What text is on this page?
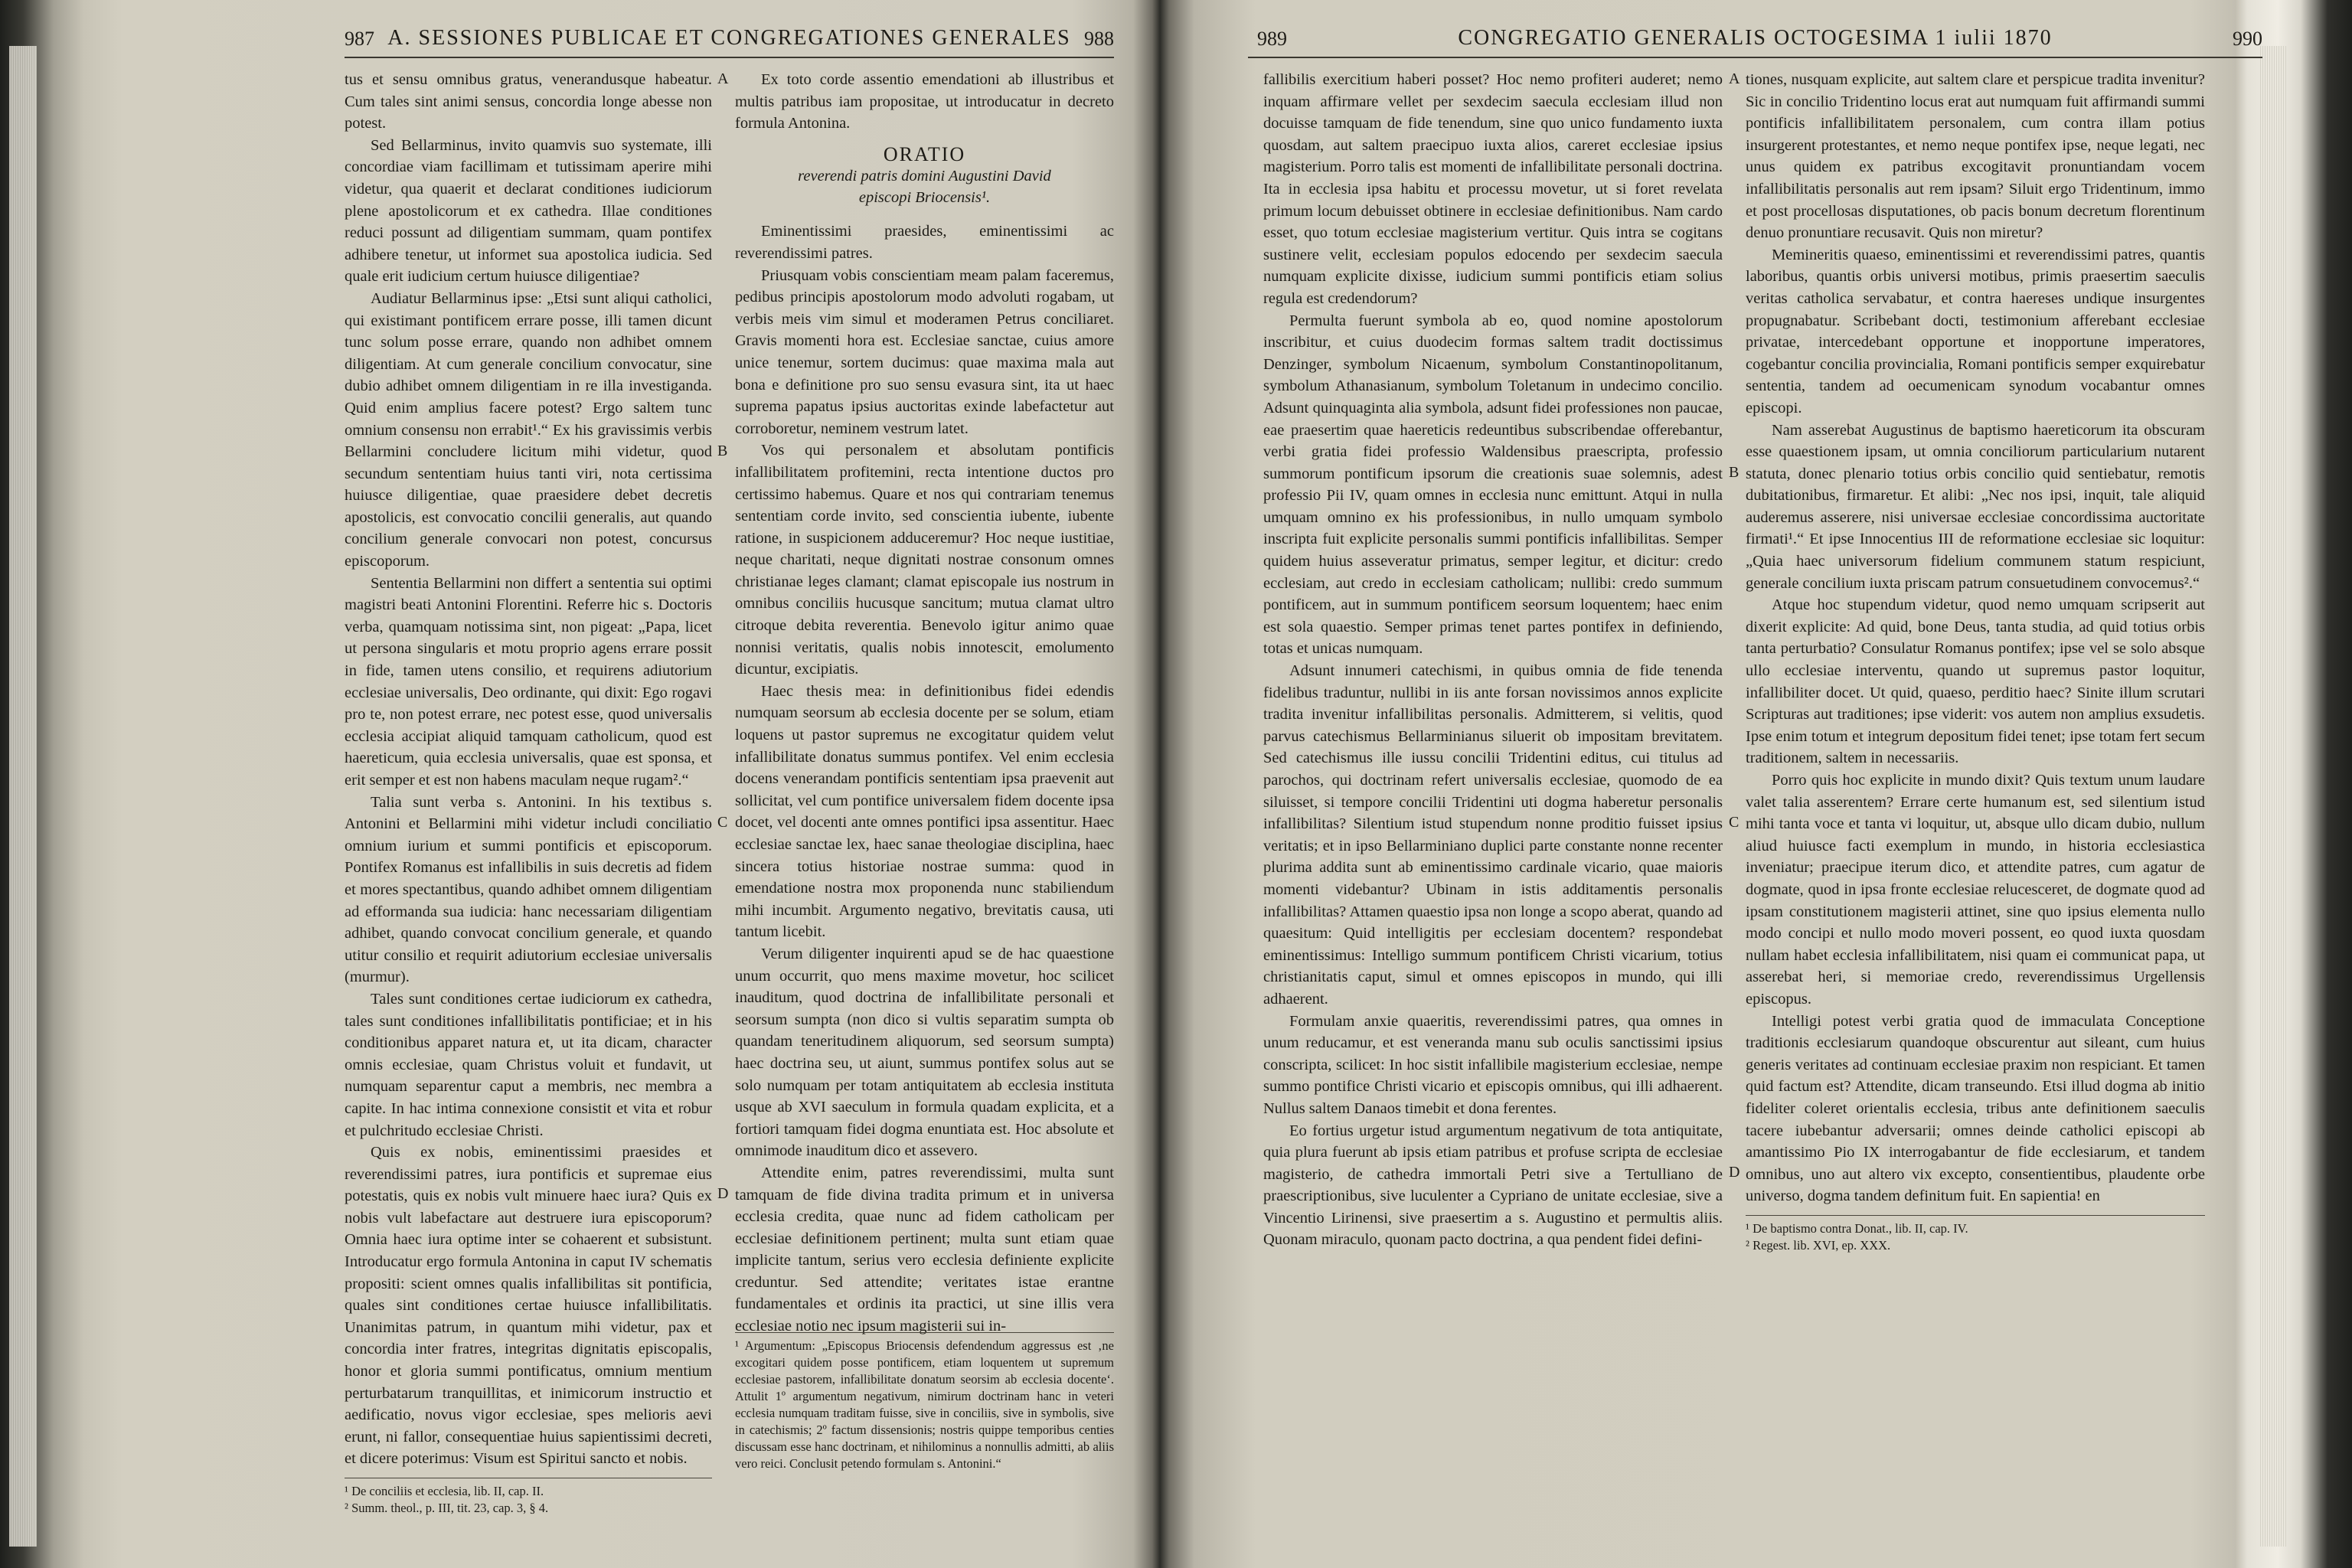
987 A. SESSIONES PUBLICAE ET CONGREGATIONES GENERALES 988

tus et sensu omnibus gratus, venerandusque habeatur. Cum tales sint animi sensus, concordia longe abesse non potest.

Sed Bellarminus, invito quamvis suo systemate, illi concordiae viam facillimam et tutissimam aperire mihi videtur, qua quaerit et declarat conditiones iudiciorum plene apostolicorum et ex cathedra. Illae conditiones reduci possunt ad diligentiam summam, quam pontifex adhibere tenetur, ut informet sua apostolica iudicia. Sed quale erit iudicium certum huiusce diligentiae?

Audiatur Bellarminus ipse: „Etsi sunt aliqui catholici, qui existimant pontificem errare posse, illi tamen dicunt tunc solum posse errare, quando non adhibet omnem diligentiam. At cum generale concilium convocatur, sine dubio adhibet omnem diligentiam in re illa investiganda. Quid enim amplius facere potest? Ergo saltem tunc omnium consensu non errabit¹.“ Ex his gravissimis verbis Bellarmini concludere licitum mihi videtur, quod secundum sententiam huius tanti viri, nota certissima huiusce diligentiae, quae praesidere debet decretis apostolicis, est convocatio concilii generalis, aut quando concilium generale convocari non potest, concursus episcoporum.

Sententia Bellarmini non differt a sententia sui optimi magistri beati Antonini Florentini. Referre hic s. Doctoris verba, quamquam notissima sint, non pigeat: „Papa, licet ut persona singularis et motu proprio agens errare possit in fide, tamen utens consilio, et requirens adiutorium ecclesiae universalis, Deo ordinante, qui dixit: Ego rogavi pro te, non potest errare, nec potest esse, quod universalis ecclesia accipiat aliquid tamquam catholicum, quod est haereticum, quia ecclesia universalis, quae est sponsa, et erit semper et est non habens maculam neque rugam².“

Talia sunt verba s. Antonini. In his textibus s. Antonini et Bellarmini mihi videtur includi conciliatio omnium iurium et summi pontificis et episcoporum. Pontifex Romanus est infallibilis in suis decretis ad fidem et mores spectantibus, quando adhibet omnem diligentiam ad efformanda sua iudicia: hanc necessariam diligentiam adhibet, quando convocat concilium generale, et quando utitur consilio et requirit adiutorium ecclesiae universalis (murmur).

Tales sunt conditiones certae iudiciorum ex cathedra, tales sunt conditiones infallibilitatis pontificiae; et in his conditionibus apparet natura et, ut ita dicam, character omnis ecclesiae, quam Christus voluit et fundavit, ut numquam separentur caput a membris, nec membra a capite. In hac intima connexione consistit et vita et robur et pulchritudo ecclesiae Christi.

Quis ex nobis, eminentissimi praesides et reverendissimi patres, iura pontificis et supremae eius potestatis, quis ex nobis vult minuere haec iura? Quis ex nobis vult labefactare aut destruere iura episcoporum? Omnia haec iura optime inter se cohaerent et subsistunt. Introducatur ergo formula Antonina in caput IV schematis propositi: scient omnes qualis infallibilitas sit pontificia, quales sint conditiones certae huiusce infallibilitatis. Unanimitas patrum, in quantum mihi videtur, pax et concordia inter fratres, integritas dignitatis episcopalis, honor et gloria summi pontificatus, omnium mentium perturbatarum tranquillitas, et inimicorum instructio et aedificatio, novus vigor ecclesiae, spes melioris aevi erunt, ni fallor, consequentiae huius sapientissimi decreti, et dicere poterimus: Visum est Spiritui sancto et nobis.

¹ De conciliis et ecclesia, lib. II, cap. II.
² Summ. theol., p. III, tit. 23, cap. 3, § 4.
A
B
C
D

Ex toto corde assentio emendationi ab illustribus et multis patribus iam propositae, ut introducatur in decreto formula Antonina.

ORATIO
reverendi patris domini Augustini David
episcopi Briocensis¹.

Eminentissimi praesides, eminentissimi ac reverendissimi patres.

Priusquam vobis conscientiam meam palam faceremus, pedibus principis apostolorum modo advoluti rogabam, ut verbis meis vim simul et moderamen Petrus conciliaret. Gravis momenti hora est. Ecclesiae sanctae, cuius amore unice tenemur, sortem ducimus: quae maxima mala aut bona e definitione pro suo sensu evasura sint, ita ut haec suprema papatus ipsius auctoritas exinde labefactetur aut corroboretur, neminem vestrum latet.

Vos qui personalem et absolutam pontificis infallibilitatem profitemini, recta intentione ductos pro certissimo habemus. Quare et nos qui contrariam tenemus sententiam corde invito, sed conscientia iubente, iubente ratione, in suspicionem adduceremur? Hoc neque iustitiae, neque charitati, neque dignitati nostrae consonum omnes christianae leges clamant; clamat episcopale ius nostrum in omnibus conciliis hucusque sancitum; mutua clamat ultro citroque debita reverentia. Benevolo igitur animo quae nonnisi veritatis, qualis nobis innotescit, emolumento dicuntur, excipiatis.

Haec thesis mea: in definitionibus fidei edendis numquam seorsum ab ecclesia docente per se solum, etiam loquens ut pastor supremus ne excogitatur quidem velut infallibilitate donatus summus pontifex. Vel enim ecclesia docens venerandam pontificis sententiam ipsa praevenit aut sollicitat, vel cum pontifice universalem fidem docente ipsa docet, vel docenti ante omnes pontifici ipsa assentitur. Haec ecclesiae sanctae lex, haec sanae theologiae disciplina, haec sincera totius historiae nostrae summa: quod in emendatione nostra mox proponenda nunc stabiliendum mihi incumbit. Argumento negativo, brevitatis causa, uti tantum licebit.

Verum diligenter inquirenti apud se de hac quaestione unum occurrit, quo mens maxime movetur, hoc scilicet inauditum, quod doctrina de infallibilitate personali et seorsum sumpta (non dico si vultis separatim sumpta ob quandam teneritudinem aliquorum, sed seorsum sumpta) haec doctrina seu, ut aiunt, summus pontifex solus aut se solo numquam per totam antiquitatem ab ecclesia instituta usque ab XVI saeculum in formula quadam explicita, et a fortiori tamquam fidei dogma enuntiata est. Hoc absolute et omnimode inauditum dico et assevero.

Attendite enim, patres reverendissimi, multa sunt tamquam de fide divina tradita primum et in universa ecclesia credita, quae nunc ad fidem catholicam per ecclesiae definitionem pertinent; multa sunt etiam quae implicite tantum, serius vero ecclesia definiente explicite creduntur. Sed attendite; veritates istae erantne fundamentales et ordinis ita practici, ut sine illis vera ecclesiae notio nec ipsum magisterii sui in-

¹ Argumentum: „Episcopus Briocensis defendendum aggressus est ‚ne excogitari quidem posse pontificem, etiam loquentem ut supremum ecclesiae pastorem, infallibilitate donatum seorsim ab ecclesia docente‘. Attulit 1º argumentum negativum, nimirum doctrinam hanc in veteri ecclesia numquam traditam fuisse, sive in conciliis, sive in symbolis, sive in catechismis; 2º factum dissensionis; nostris quippe temporibus centies discussam esse hanc doctrinam, et nihilominus a nonnullis admitti, ab aliis vero reici. Conclusit petendo formulam s. Antonini.“
989	CONGREGATIO GENERALIS OCTOGESIMA 1 iulii 1870	990

fallibilis exercitium haberi posset? Hoc nemo profiteri auderet; nemo inquam affirmare vellet per sexdecim saecula ecclesiam illud non docuisse tamquam de fide tenendum, sine quo unico fundamento iuxta quosdam, aut saltem praecipuo iuxta alios, careret ecclesiae ipsius magisterium. Porro talis est momenti de infallibilitate personali doctrina. Ita in ecclesia ipsa habitu et processu movetur, ut si foret revelata primum locum debuisset obtinere in ecclesiae definitionibus. Nam cardo esset, quo totum ecclesiae magisterium vertitur. Quis intra se cogitans sustinere velit, ecclesiam populos edocendo per sexdecim saecula numquam explicite dixisse, iudicium summi pontificis etiam solius regula est credendorum?

Permulta fuerunt symbola ab eo, quod nomine apostolorum inscribitur, et cuius duodecim formas saltem tradit doctissimus Denzinger, symbolum Nicaenum, symbolum Constantinopolitanum, symbolum Athanasianum, symbolum Toletanum in undecimo concilio. Adsunt quinquaginta alia symbola, adsunt fidei professiones non paucae, eae praesertim quae haereticis redeuntibus subscribendae offerebantur, verbi gratia fidei professio Waldensibus praescripta, professio summorum pontificum ipsorum die creationis suae solemnis, adest professio Pii IV, quam omnes in ecclesia nunc emittunt. Atqui in nulla umquam omnino ex his professionibus, in nullo umquam symbolo inscripta fuit explicite personalis summi pontificis infallibilitas. Semper quidem huius asseveratur primatus, semper legitur, et dicitur: credo ecclesiam, aut credo in ecclesiam catholicam; nullibi: credo summum pontificem, aut in summum pontificem seorsum loquentem; haec enim est sola quaestio. Semper primas tenet partes pontifex in definiendo, totas et unicas numquam.

Adsunt innumeri catechismi, in quibus omnia de fide tenenda fidelibus traduntur, nullibi in iis ante forsan novissimos annos explicite tradita invenitur infallibilitas personalis. Admitterem, si velitis, quod parvus catechismus Bellarminianus siluerit ob impositam brevitatem. Sed catechismus ille iussu concilii Tridentini editus, cui titulus ad parochos, qui doctrinam refert universalis ecclesiae, quomodo de ea siluisset, si tempore concilii Tridentini uti dogma haberetur personalis infallibilitas? Silentium istud stupendum nonne proditio fuisset ipsius veritatis; et in ipso Bellarminiano duplici parte constante nonne recenter plurima addita sunt ab eminentissimo cardinale vicario, quae maioris momenti videbantur? Ubinam in istis additamentis personalis infallibilitas? Attamen quaestio ipsa non longe a scopo aberat, quando ad quaesitum: Quid intelligitis per ecclesiam docentem? respondebat eminentissimus: Intelligo summum pontificem Christi vicarium, totius christianitatis caput, simul et omnes episcopos in mundo, qui illi adhaerent.

Formulam anxie quaeritis, reverendissimi patres, qua omnes in unum reducamur, et est veneranda manu sub oculis sanctissimi ipsius conscripta, scilicet: In hoc sistit infallibile magisterium ecclesiae, nempe summo pontifice Christi vicario et episcopis omnibus, qui illi adhaerent. Nullus saltem Danaos timebit et dona ferentes.

Eo fortius urgetur istud argumentum negativum de tota antiquitate, quia plura fuerunt ab ipsis etiam patribus et profuse scripta de ecclesiae magisterio, de cathedra immortali Petri sive a Tertulliano de praescriptionibus, sive luculenter a Cypriano de unitate ecclesiae, sive a Vincentio Lirinensi, sive praesertim a s. Augustino et permultis aliis. Quonam miraculo, quonam pacto doctrina, a qua pendent fidei defini-

A
B
C
D

tiones, nusquam explicite, aut saltem clare et perspicue tradita invenitur? Sic in concilio Tridentino locus erat aut numquam fuit affirmandi summi pontificis infallibilitatem personalem, cum contra illam potius insurgerent protestantes, et nemo neque pontifex ipse, neque legati, nec unus quidem ex patribus excogitavit pronuntiandam vocem infallibilitatis personalis aut rem ipsam? Siluit ergo Tridentinum, immo et post procellosas disputationes, ob pacis bonum decretum florentinum denuo pronuntiare recusavit. Quis non miretur?

Memineritis quaeso, eminentissimi et reverendissimi patres, quantis laboribus, quantis orbis universi motibus, primis praesertim saeculis veritas catholica servabatur, et contra haereses undique insurgentes propugnabatur. Scribebant docti, testimonium afferebant ecclesiae privatae, intercedebant opportune et inopportune imperatores, cogebantur concilia provincialia, Romani pontificis semper exquirebatur sententia, tandem ad oecumenicam synodum vocabantur omnes episcopi.

Nam asserebat Augustinus de baptismo haereticorum ita obscuram esse quaestionem ipsam, ut omnia conciliorum particularium nutarent statuta, donec plenario totius orbis concilio quid sentiebatur, remotis dubitationibus, firmaretur. Et alibi: „Nec nos ipsi, inquit, tale aliquid auderemus asserere, nisi universae ecclesiae concordissima auctoritate firmati¹.“ Et ipse Innocentius III de reformatione ecclesiae sic loquitur: „Quia haec universorum fidelium communem statum respiciunt, generale concilium iuxta priscam patrum consuetudinem convocemus².“

Atque hoc stupendum videtur, quod nemo umquam scripserit aut dixerit explicite: Ad quid, bone Deus, tanta studia, ad quid totius orbis tanta perturbatio? Consulatur Romanus pontifex; ipse vel se solo absque ullo ecclesiae interventu, quando ut supremus pastor loquitur, infallibiliter docet. Ut quid, quaeso, perditio haec? Sinite illum scrutari Scripturas aut traditiones; ipse viderit: vos autem non amplius exsudetis. Ipse enim totum et integrum depositum fidei tenet; ipse totam fert secum traditionem, saltem in necessariis.

Porro quis hoc explicite in mundo dixit? Quis textum unum laudare valet talia asserentem? Errare certe humanum est, sed silentium istud mihi tanta voce et tanta vi loquitur, ut, absque ullo dicam dubio, nullum aliud huiusce facti exemplum in mundo, in historia ecclesiastica inveniatur; praecipue iterum dico, et attendite patres, cum agatur de dogmate, quod in ipsa fronte ecclesiae relucesceret, de dogmate quod ad ipsam constitutionem magisterii attinet, sine quo ipsius elementa nullo modo concipi et nullo modo moveri possent, eo quod iuxta quosdam nullam habet ecclesia infallibilitatem, nisi quam ei communicat papa, ut asserebat heri, si memoriae credo, reverendissimus Urgellensis episcopus.

Intelligi potest verbi gratia quod de immaculata Conceptione traditionis ecclesiarum quandoque obscurentur aut sileant, cum huius generis veritates ad continuam ecclesiae praxim non respiciant. Et tamen quid factum est? Attendite, dicam transeundo. Etsi illud dogma ab initio fideliter coleret orientalis ecclesia, tribus ante definitionem saeculis tacere iubebantur adversarii; omnes deinde catholici episcopi ab amantissimo Pio IX interrogabantur de fide ecclesiarum, et tandem omnibus, uno aut altero vix excepto, consentientibus, plaudente orbe universo, dogma tandem definitum fuit. En sapientia! en

¹ De baptismo contra Donat., lib. II, cap. IV.
² Regest. lib. XVI, ep. XXX.
